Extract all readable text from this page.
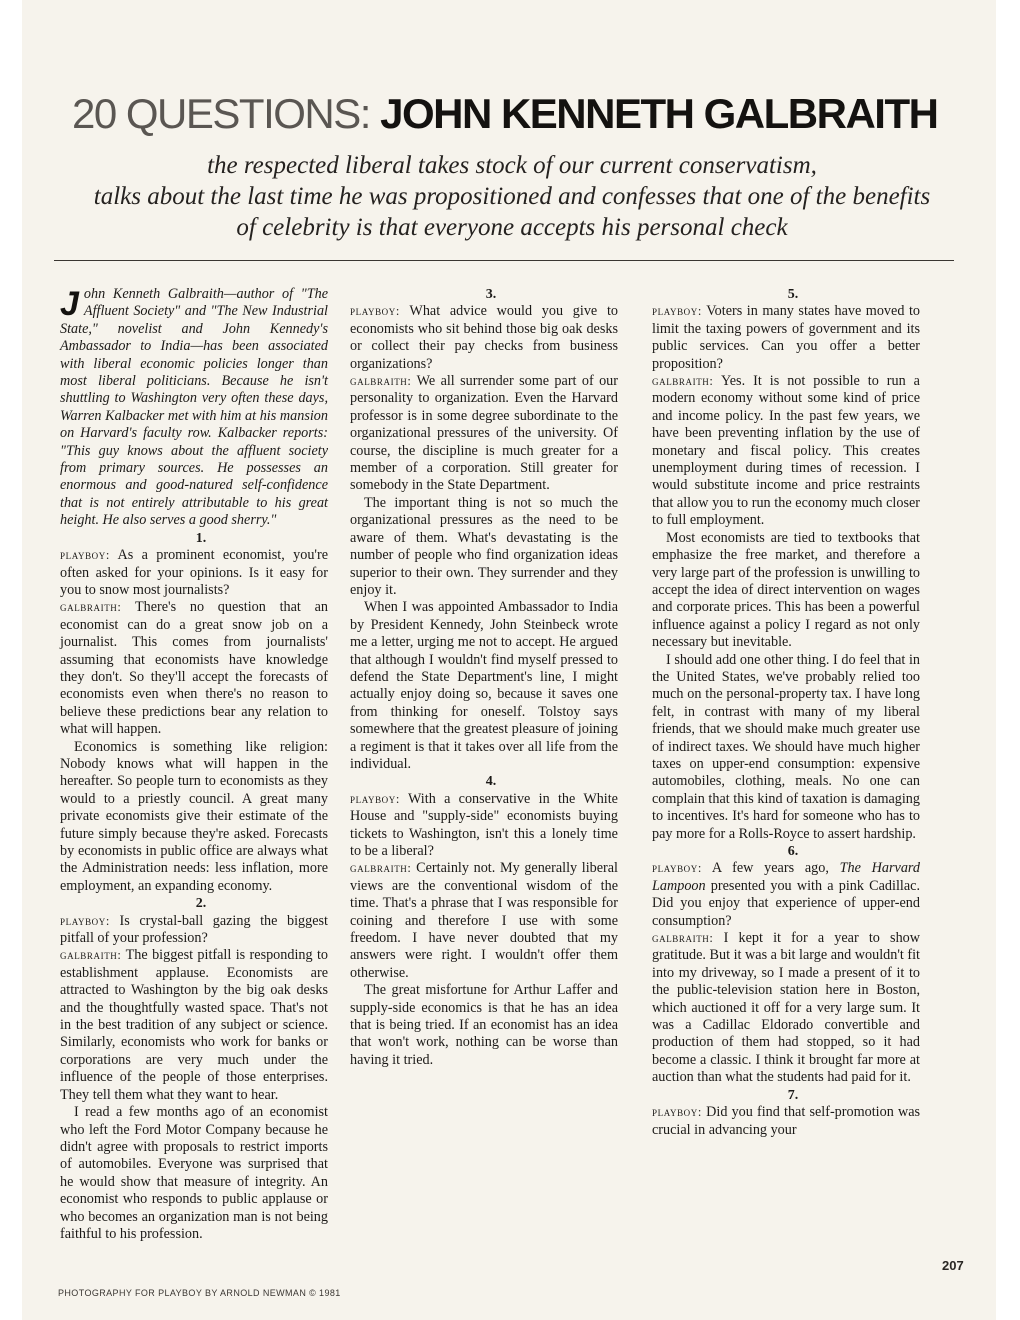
20 QUESTIONS: JOHN KENNETH GALBRAITH
the respected liberal takes stock of our current conservatism,
talks about the last time he was propositioned and confesses that one of the benefits
of celebrity is that everyone accepts his personal check

John Kenneth Galbraith—author of "The Affluent Society" and "The New Industrial State," novelist and John Kennedy's Ambassador to India—has been associated with liberal economic policies longer than most liberal politicians. Because he isn't shuttling to Washington very often these days, Warren Kalbacker met with him at his mansion on Harvard's faculty row. Kalbacker reports: "This guy knows about the affluent society from primary sources. He possesses an enormous and good-natured self-confidence that is not entirely attributable to his great height. He also serves a good sherry."

1.

playboy: As a prominent economist, you're often asked for your opinions. Is it easy for you to snow most journalists?

galbraith: There's no question that an economist can do a great snow job on a journalist. This comes from journalists' assuming that economists have knowledge they don't. So they'll accept the forecasts of economists even when there's no reason to believe these predictions bear any relation to what will happen.

Economics is something like religion: Nobody knows what will happen in the hereafter. So people turn to economists as they would to a priestly council. A great many private economists give their estimate of the future simply because they're asked. Forecasts by economists in public office are always what the Administration needs: less inflation, more employment, an expanding economy.

2.

playboy: Is crystal-ball gazing the biggest pitfall of your profession?

galbraith: The biggest pitfall is responding to establishment applause. Economists are attracted to Washington by the big oak desks and the thoughtfully wasted space. That's not in the best tradition of any subject or science. Similarly, economists who work for banks or corporations are very much under the influence of the people of those enterprises. They tell them what they want to hear.

I read a few months ago of an economist who left the Ford Motor Company because he didn't agree with proposals to restrict imports of automobiles. Everyone was surprised that he would show that measure of integrity. An economist who responds to public applause or who becomes an organization man is not being faithful to his profession.

3.

playboy: What advice would you give to economists who sit behind those big oak desks or collect their pay checks from business organizations?

galbraith: We all surrender some part of our personality to organization. Even the Harvard professor is in some degree subordinate to the organizational pressures of the university. Of course, the discipline is much greater for a member of a corporation. Still greater for somebody in the State Department.

The important thing is not so much the organizational pressures as the need to be aware of them. What's devastating is the number of people who find organization ideas superior to their own. They surrender and they enjoy it.

When I was appointed Ambassador to India by President Kennedy, John Steinbeck wrote me a letter, urging me not to accept. He argued that although I wouldn't find myself pressed to defend the State Department's line, I might actually enjoy doing so, because it saves one from thinking for oneself. Tolstoy says somewhere that the greatest pleasure of joining a regiment is that it takes over all life from the individual.

4.

playboy: With a conservative in the White House and "supply-side" economists buying tickets to Washington, isn't this a lonely time to be a liberal?

galbraith: Certainly not. My generally liberal views are the conventional wisdom of the time. That's a phrase that I was responsible for coining and therefore I use with some freedom. I have never doubted that my answers were right. I wouldn't offer them otherwise.

The great misfortune for Arthur Laffer and supply-side economics is that he has an idea that is being tried. If an economist has an idea that won't work, nothing can be worse than having it tried.

5.

playboy: Voters in many states have moved to limit the taxing powers of government and its public services. Can you offer a better proposition?

galbraith: Yes. It is not possible to run a modern economy without some kind of price and income policy. In the past few years, we have been preventing inflation by the use of monetary and fiscal policy. This creates unemployment during times of recession. I would substitute income and price restraints that allow you to run the economy much closer to full employment.

Most economists are tied to textbooks that emphasize the free market, and therefore a very large part of the profession is unwilling to accept the idea of direct intervention on wages and corporate prices. This has been a powerful influence against a policy I regard as not only necessary but inevitable.

I should add one other thing. I do feel that in the United States, we've probably relied too much on the personal-property tax. I have long felt, in contrast with many of my liberal friends, that we should make much greater use of indirect taxes. We should have much higher taxes on upper-end consumption: expensive automobiles, clothing, meals. No one can complain that this kind of taxation is damaging to incentives. It's hard for someone who has to pay more for a Rolls-Royce to assert hardship.

6.

playboy: A few years ago, The Harvard Lampoon presented you with a pink Cadillac. Did you enjoy that experience of upper-end consumption?

galbraith: I kept it for a year to show gratitude. But it was a bit large and wouldn't fit into my driveway, so I made a present of it to the public-television station here in Boston, which auctioned it off for a very large sum. It was a Cadillac Eldorado convertible and production of them had stopped, so it had become a classic. I think it brought far more at auction than what the students had paid for it.

7.

playboy: Did you find that self-promotion was crucial in advancing your

207
PHOTOGRAPHY FOR PLAYBOY BY ARNOLD NEWMAN © 1981
